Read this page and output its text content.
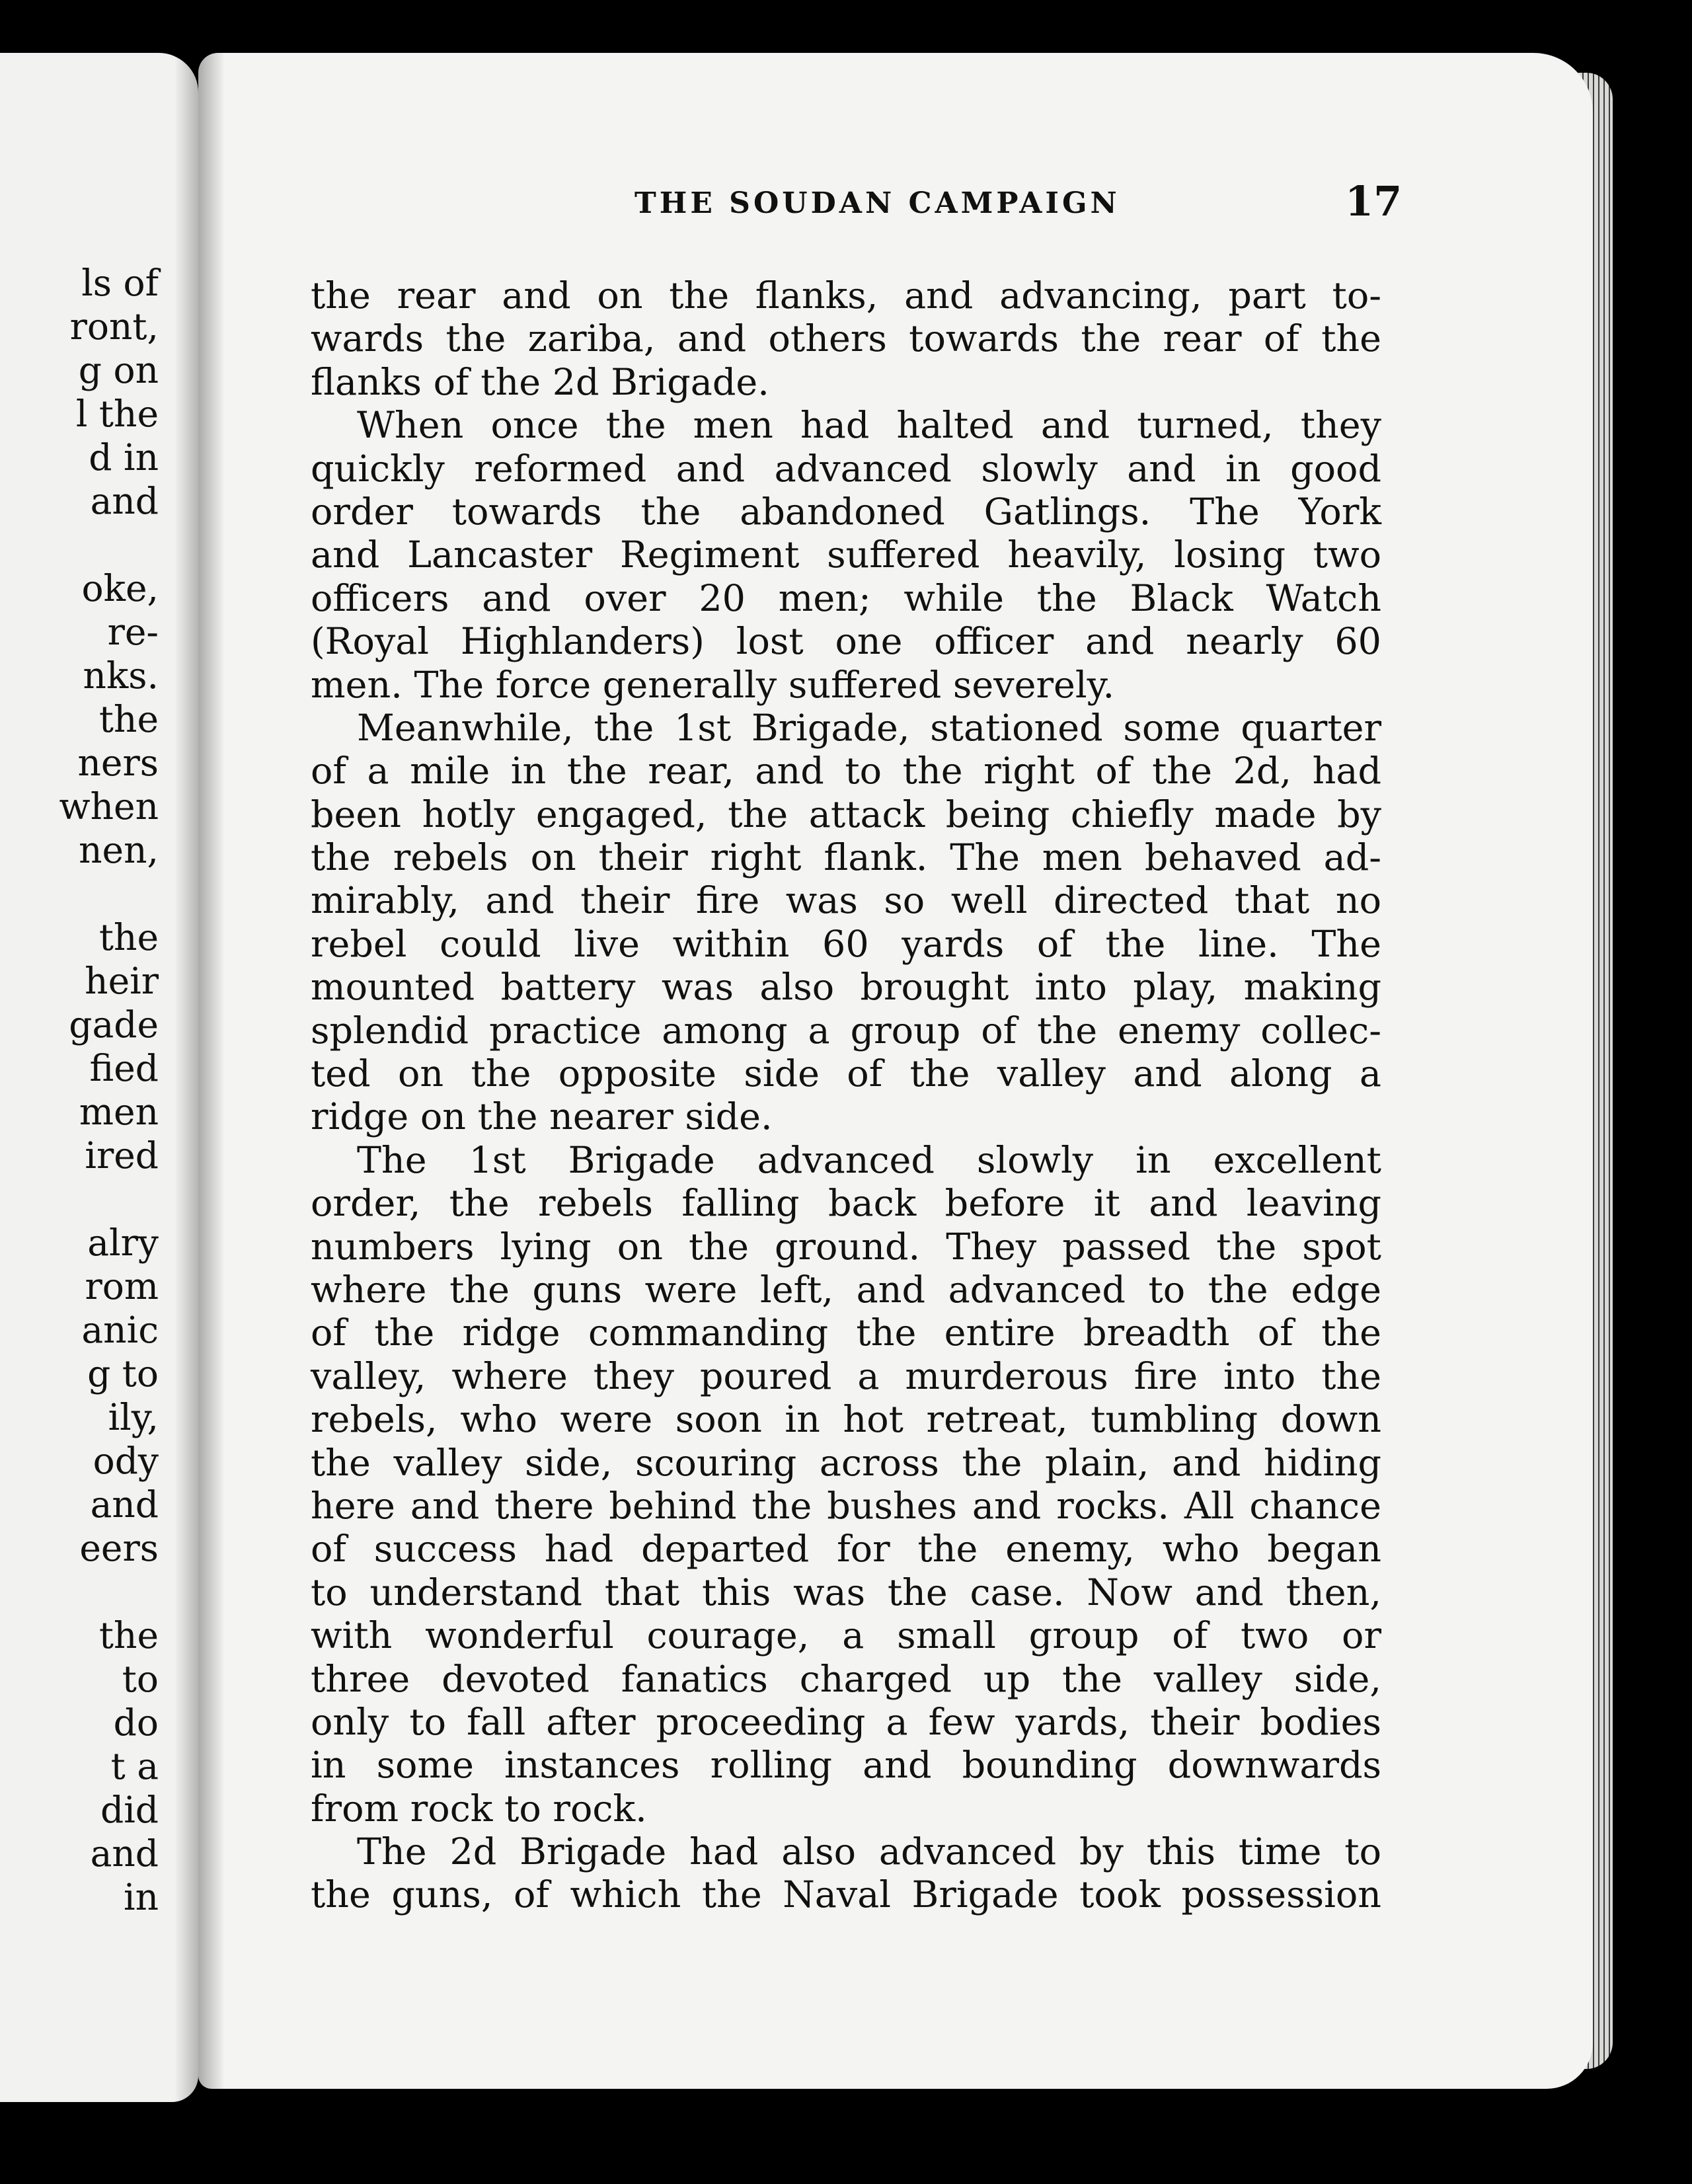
ls of
ront,
g on
l the
d in
and
oke,
re-
nks.
the
ners
when
nen,
the
heir
gade
fied
men
ired
alry
rom
anic
g to
ily,
ody
and
eers
the
to
do
t a
did
and
in
THE SOUDAN CAMPAIGN	17
the rear and on the flanks, and advancing, part to-
wards the zariba, and others towards the rear of the
flanks of the 2d Brigade.
When once the men had halted and turned, they
quickly reformed and advanced slowly and in good
order towards the abandoned Gatlings. The York
and Lancaster Regiment suffered heavily, losing two
officers and over 20 men; while the Black Watch
(Royal Highlanders) lost one officer and nearly 60
men. The force generally suffered severely.
Meanwhile, the 1st Brigade, stationed some quarter
of a mile in the rear, and to the right of the 2d, had
been hotly engaged, the attack being chiefly made by
the rebels on their right flank. The men behaved ad-
mirably, and their fire was so well directed that no
rebel could live within 60 yards of the line. The
mounted battery was also brought into play, making
splendid practice among a group of the enemy collec-
ted on the opposite side of the valley and along a
ridge on the nearer side.
The 1st Brigade advanced slowly in excellent
order, the rebels falling back before it and leaving
numbers lying on the ground. They passed the spot
where the guns were left, and advanced to the edge
of the ridge commanding the entire breadth of the
valley, where they poured a murderous fire into the
rebels, who were soon in hot retreat, tumbling down
the valley side, scouring across the plain, and hiding
here and there behind the bushes and rocks. All chance
of success had departed for the enemy, who began
to understand that this was the case. Now and then,
with wonderful courage, a small group of two or
three devoted fanatics charged up the valley side,
only to fall after proceeding a few yards, their bodies
in some instances rolling and bounding downwards
from rock to rock.
The 2d Brigade had also advanced by this time to
the guns, of which the Naval Brigade took possession
